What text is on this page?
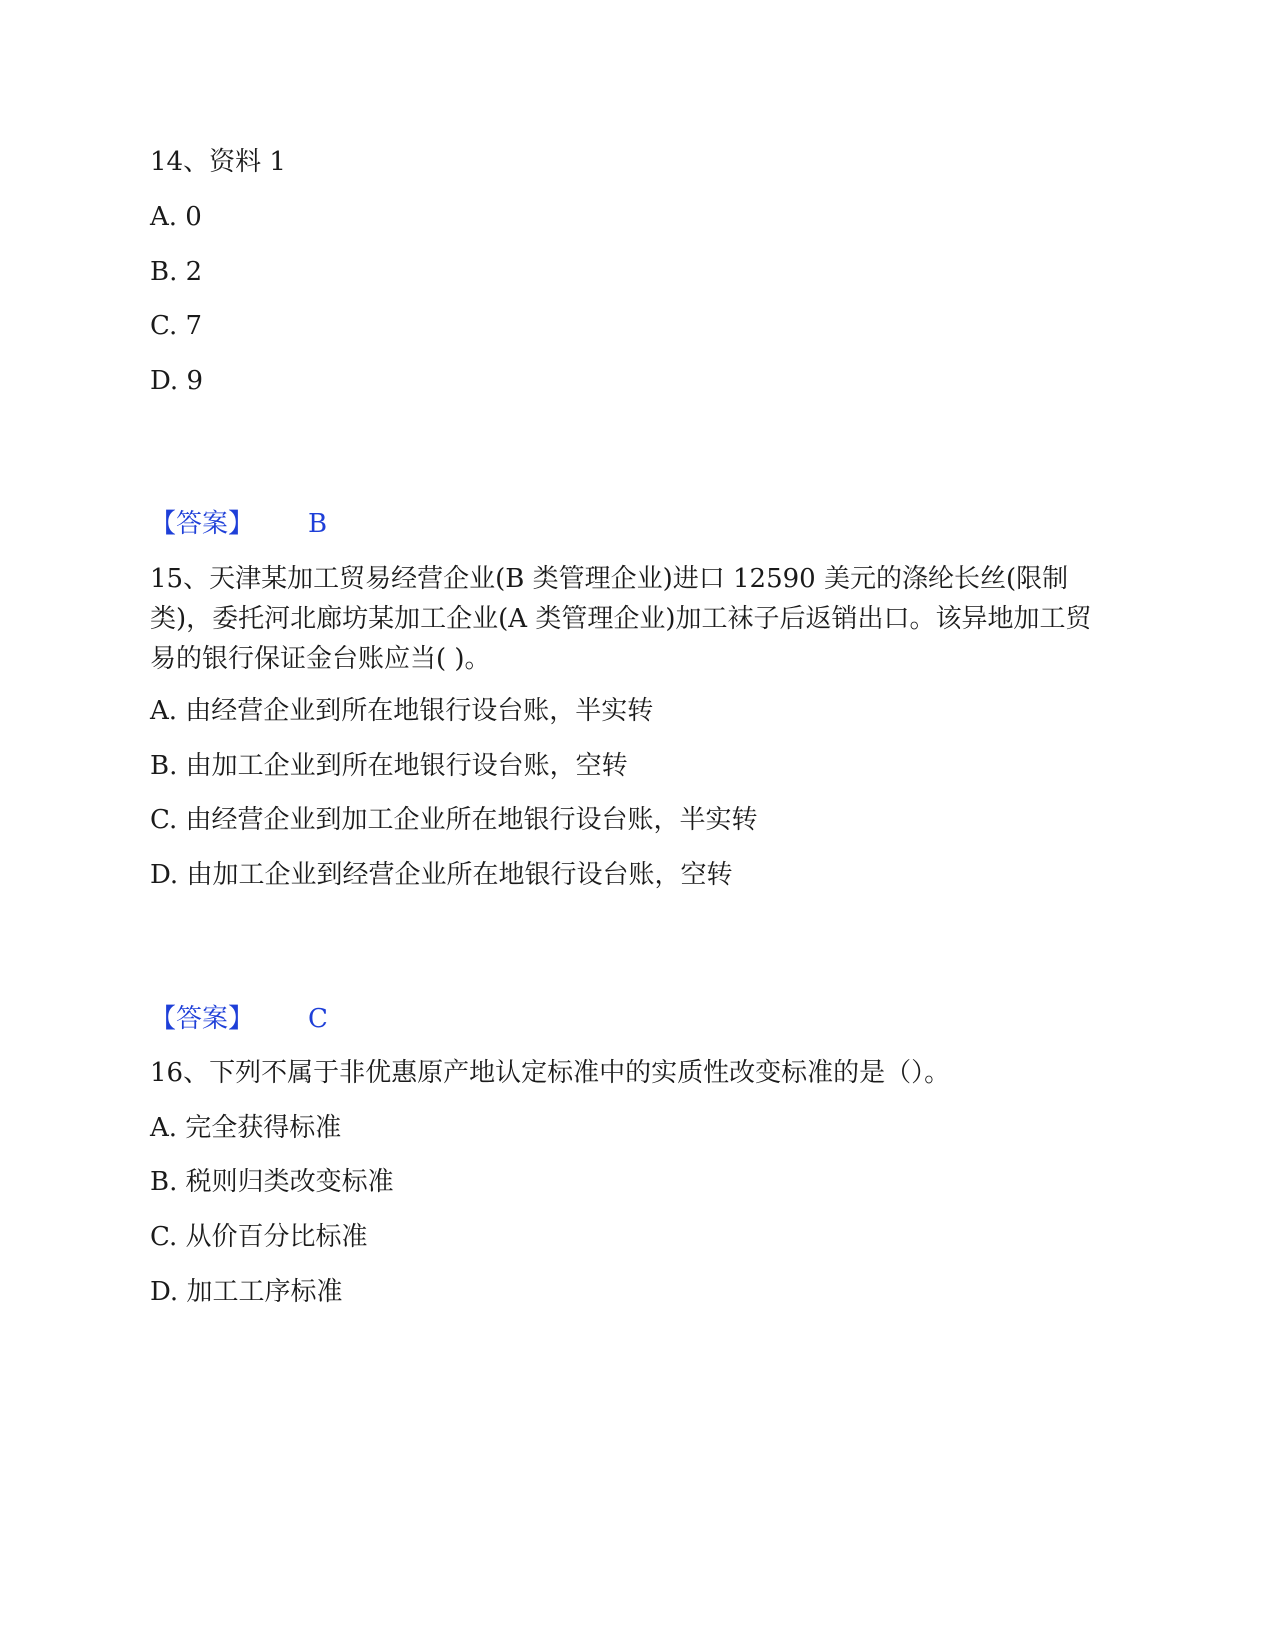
14、资料 1
A. 0
B. 2
C. 7
D. 9
【答案】 B
15、天津某加工贸易经营企业(B 类管理企业)进口 12590 美元的涤纶长丝(限制类)，委托河北廊坊某加工企业(A 类管理企业)加工袜子后返销出口。该异地加工贸易的银行保证金台账应当( )。
A. 由经营企业到所在地银行设台账，半实转
B. 由加工企业到所在地银行设台账，空转
C. 由经营企业到加工企业所在地银行设台账，半实转
D. 由加工企业到经营企业所在地银行设台账，空转
【答案】 C
16、下列不属于非优惠原产地认定标准中的实质性改变标准的是（）。
A. 完全获得标准
B. 税则归类改变标准
C. 从价百分比标准
D. 加工工序标准
